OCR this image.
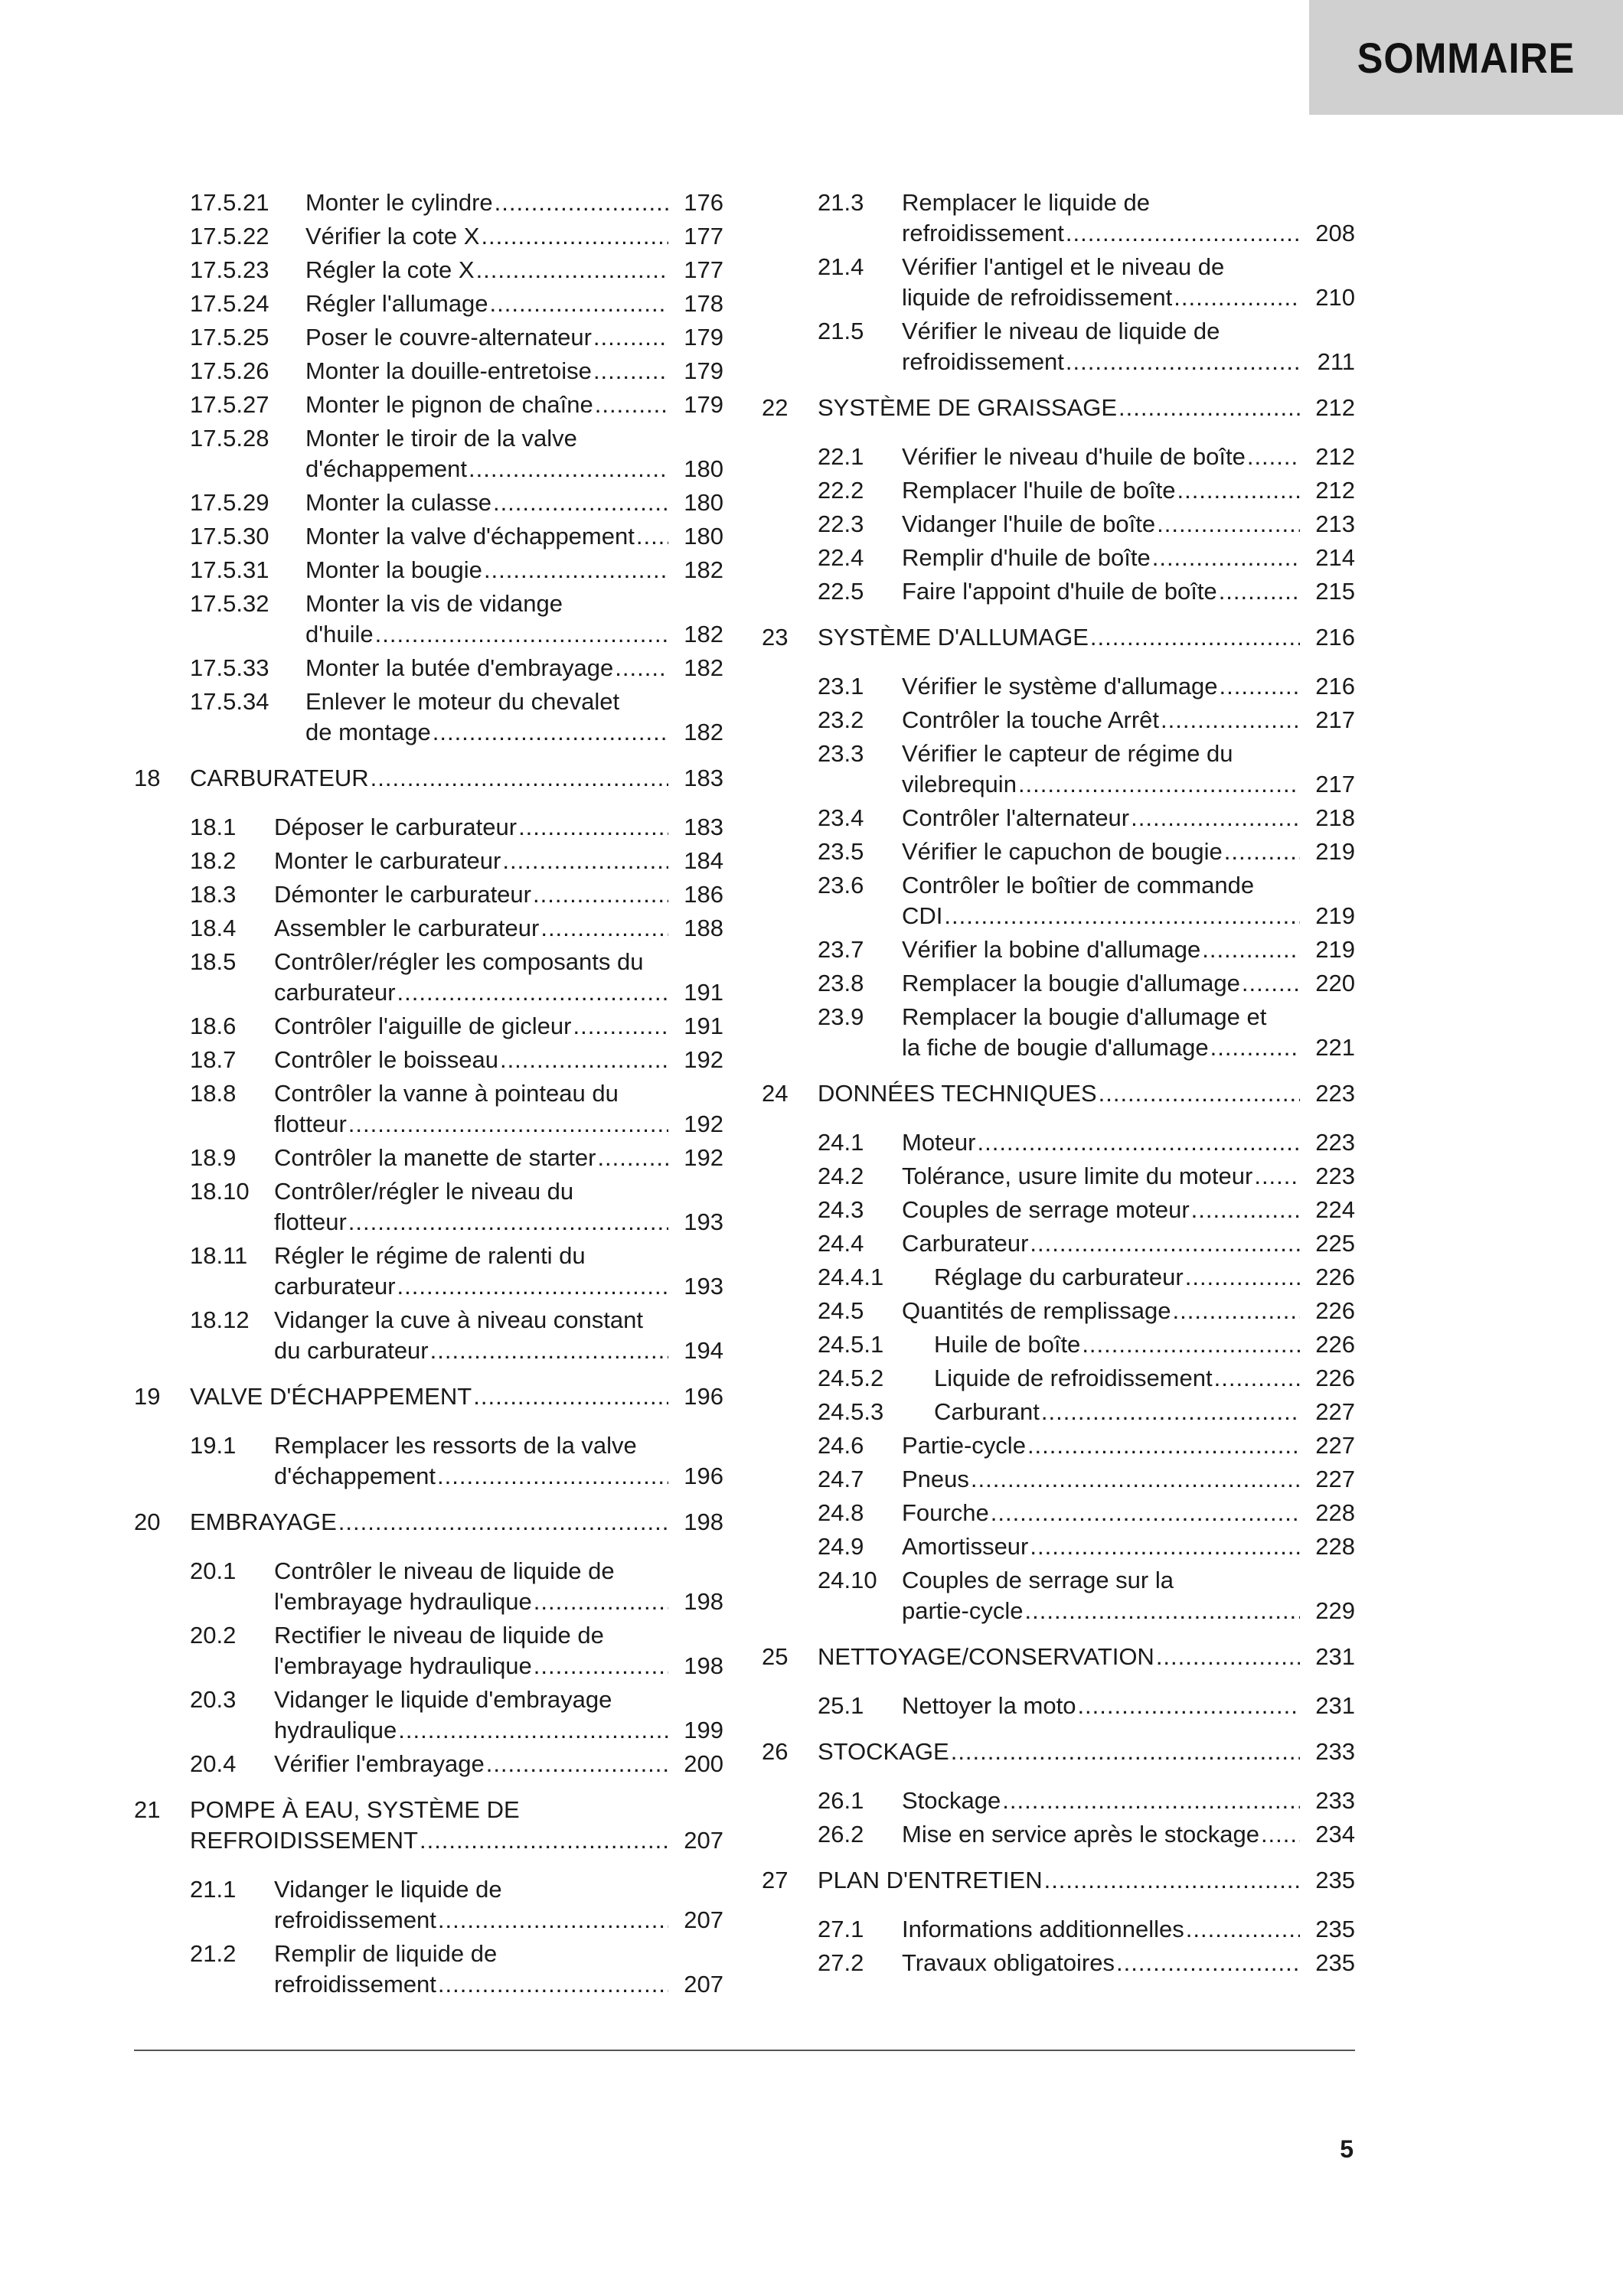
SOMMAIRE
17.5.21	Monter le cylindre .....	176
17.5.22	Vérifier la cote X .....	177
17.5.23	Régler la cote X .....	177
17.5.24	Régler l'allumage .....	178
17.5.25	Poser le couvre-alternateur .....	179
17.5.26	Monter la douille-entretoise .....	179
17.5.27	Monter le pignon de chaîne .....	179
17.5.28	Monter le tiroir de la valve
d'échappement .....	180
17.5.29	Monter la culasse .....	180
17.5.30	Monter la valve d'échappement .....	180
17.5.31	Monter la bougie .....	182
17.5.32	Monter la vis de vidange
d'huile .....	182
17.5.33	Monter la butée d'embrayage .....	182
17.5.34	Enlever le moteur du chevalet
de montage .....	182
18	CARBURATEUR .....	183
18.1	Déposer le carburateur .....	183
18.2	Monter le carburateur .....	184
18.3	Démonter le carburateur .....	186
18.4	Assembler le carburateur .....	188
18.5	Contrôler/régler les composants du
carburateur .....	191
18.6	Contrôler l'aiguille de gicleur .....	191
18.7	Contrôler le boisseau .....	192
18.8	Contrôler la vanne à pointeau du
flotteur .....	192
18.9	Contrôler la manette de starter .....	192
18.10	Contrôler/régler le niveau du
flotteur .....	193
18.11	Régler le régime de ralenti du
carburateur .....	193
18.12	Vidanger la cuve à niveau constant
du carburateur .....	194
19	VALVE D'ÉCHAPPEMENT .....	196
19.1	Remplacer les ressorts de la valve
d'échappement .....	196
20	EMBRAYAGE .....	198
20.1	Contrôler le niveau de liquide de
l'embrayage hydraulique .....	198
20.2	Rectifier le niveau de liquide de
l'embrayage hydraulique .....	198
20.3	Vidanger le liquide d'embrayage
hydraulique .....	199
20.4	Vérifier l'embrayage .....	200
21	POMPE À EAU, SYSTÈME DE
REFROIDISSEMENT .....	207
21.1	Vidanger le liquide de
refroidissement .....	207
21.2	Remplir de liquide de
refroidissement .....	207
21.3	Remplacer le liquide de
refroidissement .....	208
21.4	Vérifier l'antigel et le niveau de
liquide de refroidissement .....	210
21.5	Vérifier le niveau de liquide de
refroidissement .....	211
22	SYSTÈME DE GRAISSAGE .....	212
22.1	Vérifier le niveau d'huile de boîte .....	212
22.2	Remplacer l'huile de boîte .....	212
22.3	Vidanger l'huile de boîte .....	213
22.4	Remplir d'huile de boîte .....	214
22.5	Faire l'appoint d'huile de boîte .....	215
23	SYSTÈME D'ALLUMAGE .....	216
23.1	Vérifier le système d'allumage .....	216
23.2	Contrôler la touche Arrêt .....	217
23.3	Vérifier le capteur de régime du
vilebrequin .....	217
23.4	Contrôler l'alternateur .....	218
23.5	Vérifier le capuchon de bougie .....	219
23.6	Contrôler le boîtier de commande
CDI .....	219
23.7	Vérifier la bobine d'allumage .....	219
23.8	Remplacer la bougie d'allumage .....	220
23.9	Remplacer la bougie d'allumage et
la fiche de bougie d'allumage .....	221
24	DONNÉES TECHNIQUES .....	223
24.1	Moteur .....	223
24.2	Tolérance, usure limite du moteur .....	223
24.3	Couples de serrage moteur .....	224
24.4	Carburateur .....	225
24.4.1	Réglage du carburateur .....	226
24.5	Quantités de remplissage .....	226
24.5.1	Huile de boîte .....	226
24.5.2	Liquide de refroidissement .....	226
24.5.3	Carburant .....	227
24.6	Partie-cycle .....	227
24.7	Pneus .....	227
24.8	Fourche .....	228
24.9	Amortisseur .....	228
24.10	Couples de serrage sur la
partie-cycle .....	229
25	NETTOYAGE/CONSERVATION .....	231
25.1	Nettoyer la moto .....	231
26	STOCKAGE .....	233
26.1	Stockage .....	233
26.2	Mise en service après le stockage .....	234
27	PLAN D'ENTRETIEN .....	235
27.1	Informations additionnelles .....	235
27.2	Travaux obligatoires .....	235
5
